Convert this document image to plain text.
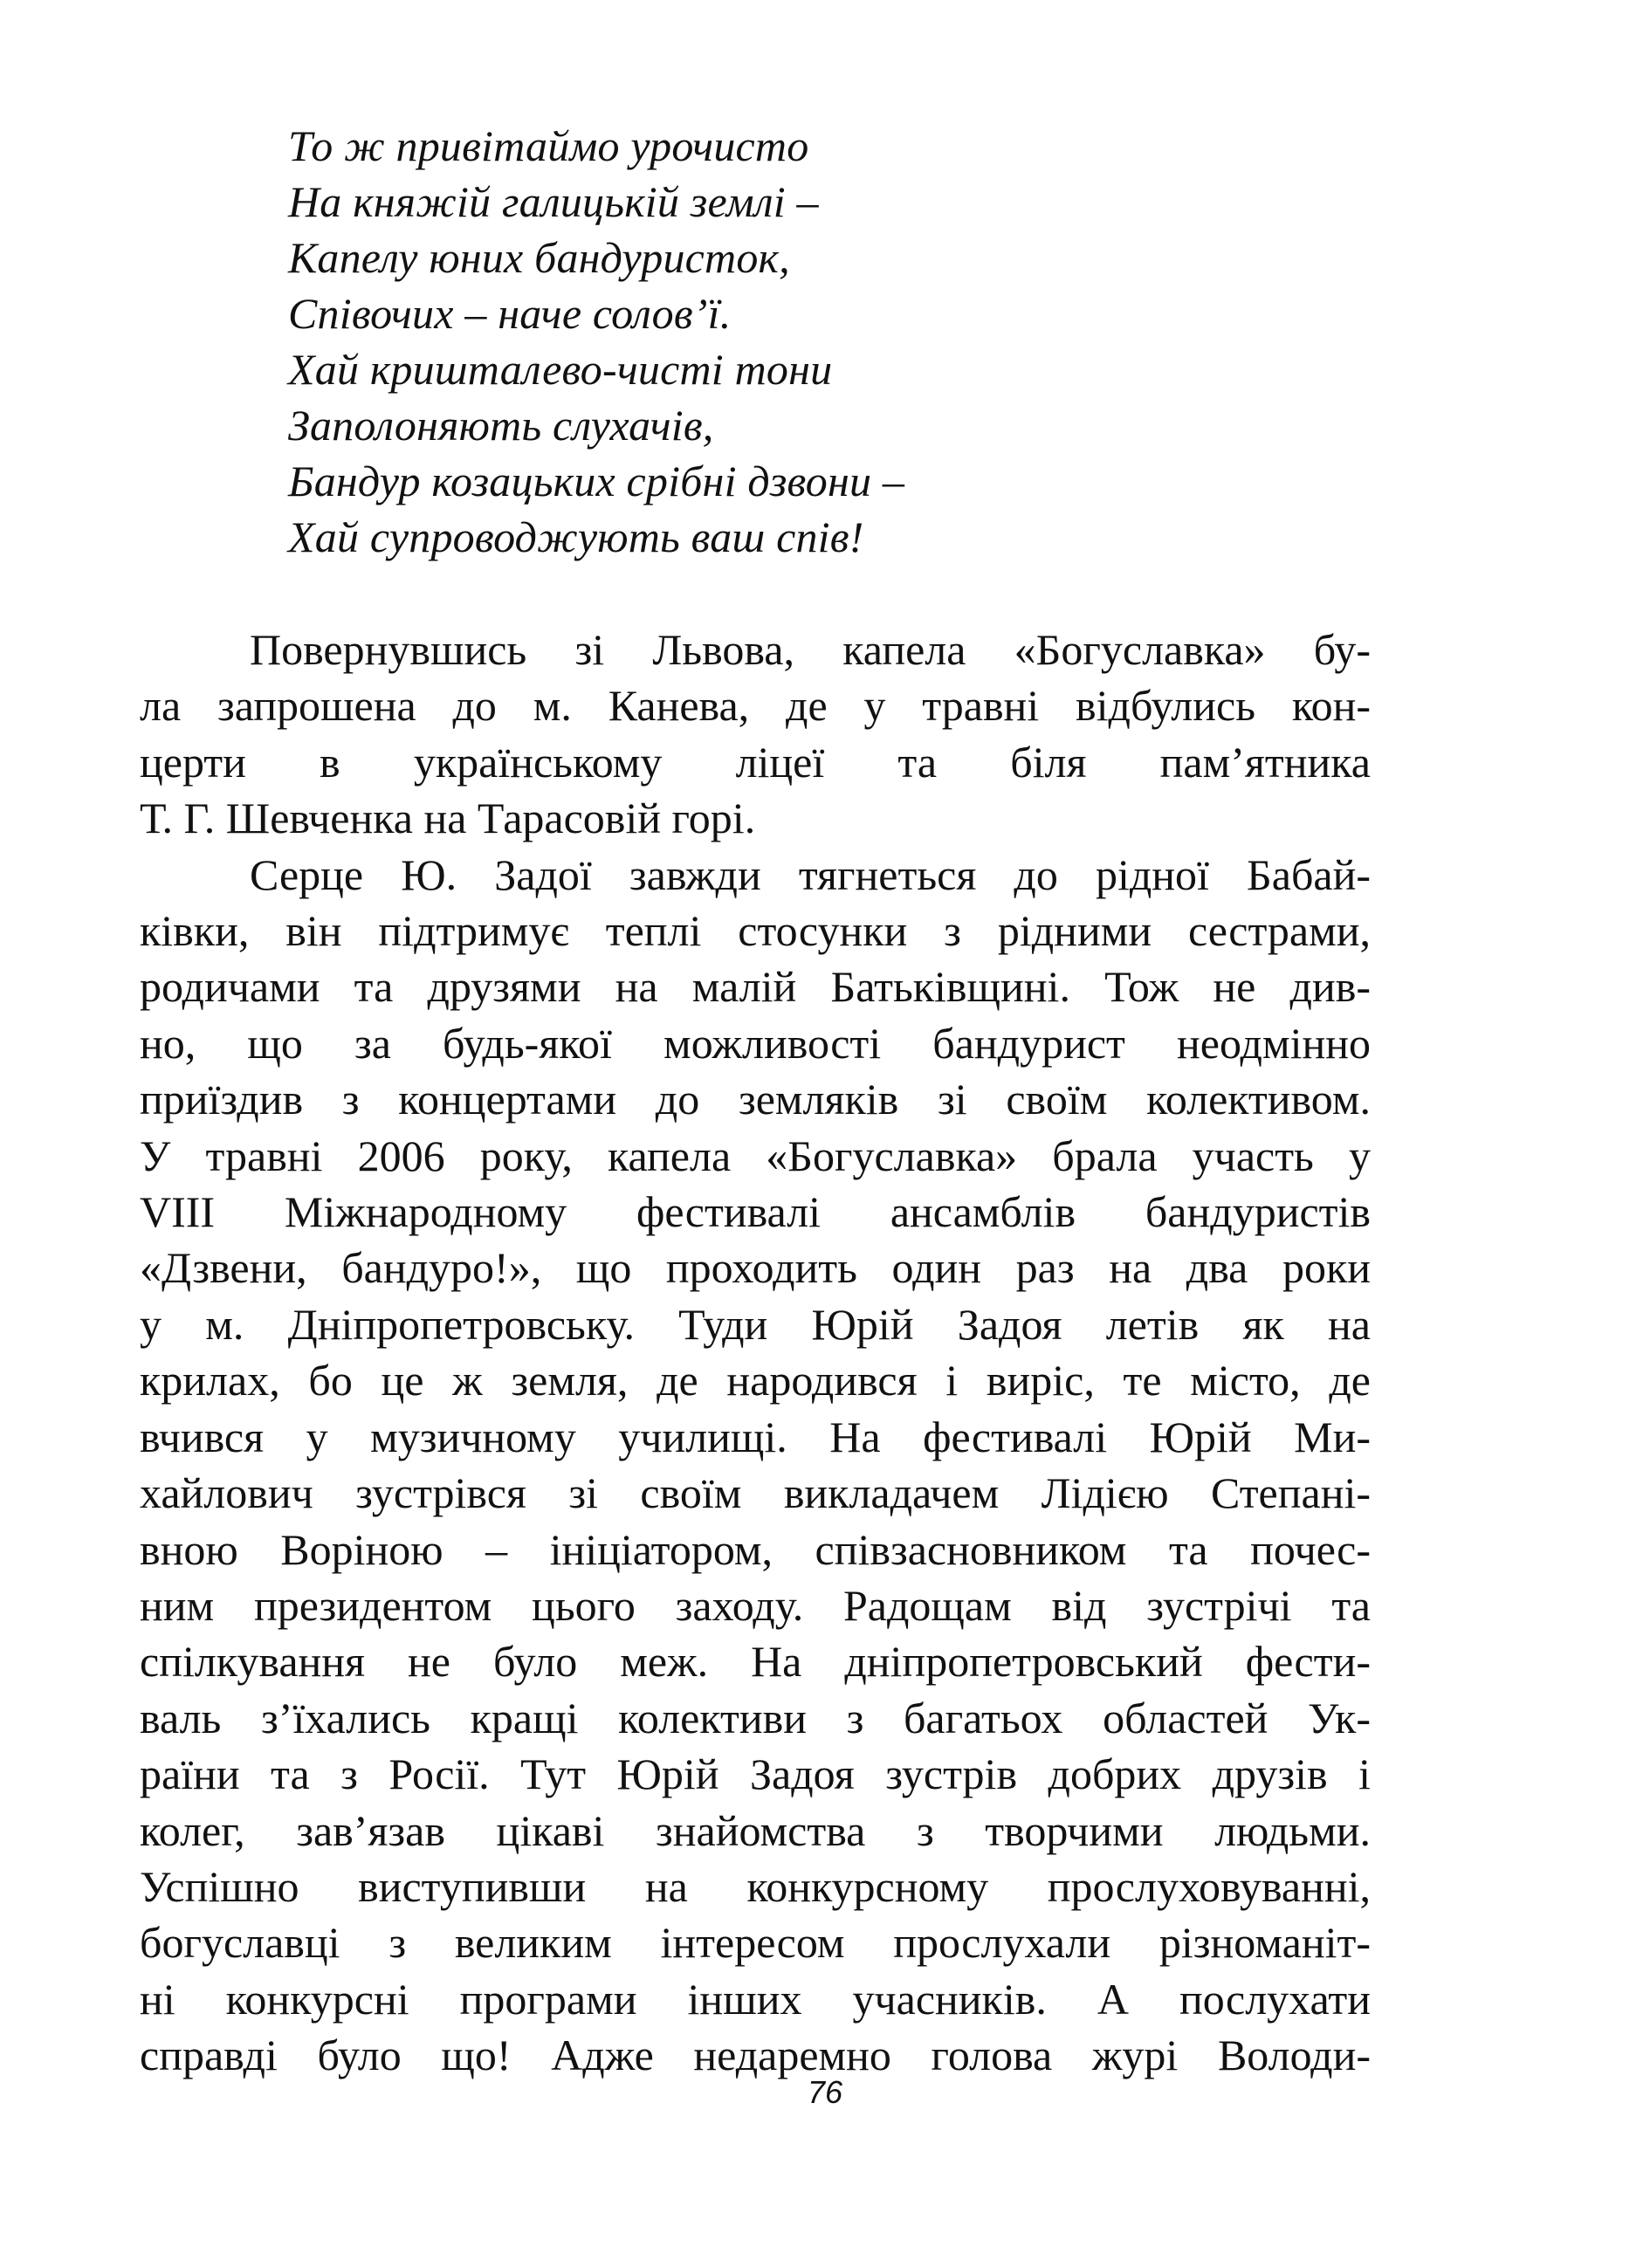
То ж привітаймо урочисто
На княжій галицькій землі –
Капелу юних бандуристок,
Співочих – наче солов’ї.
Хай кришталево-чисті тони
Заполоняють слухачів,
Бандур козацьких срібні дзвони –
Хай супроводжують ваш спів!
Повернувшись зі Львова, капела «Богуславка» бу-
ла запрошена до м. Канева, де у травні відбулись кон-
церти в українському ліцеї та біля пам’ятника
Т. Г. Шевченка на Тарасовій горі.
Серце Ю. Задої завжди тягнеться до рідної Бабай-
ківки, він підтримує теплі стосунки з рідними сестрами,
родичами та друзями на малій Батьківщині. Тож не див-
но, що за будь-якої можливості бандурист неодмінно
приїздив з концертами до земляків зі своїм колективом.
У травні 2006 року, капела «Богуславка» брала участь у
VIII Міжнародному фестивалі ансамблів бандуристів
«Дзвени, бандуро!», що проходить один раз на два роки
у м. Дніпропетровську. Туди Юрій Задоя летів як на
крилах, бо це ж земля, де народився і виріс, те місто, де
вчився у музичному училищі. На фестивалі Юрій Ми-
хайлович зустрівся зі своїм викладачем Лідією Степані-
вною Воріною – ініціатором, співзасновником та почес-
ним президентом цього заходу. Радощам від зустрічі та
спілкування не було меж. На дніпропетровський фести-
валь з’їхались кращі колективи з багатьох областей Ук-
раїни та з Росії. Тут Юрій Задоя зустрів добрих друзів і
колег, зав’язав цікаві знайомства з творчими людьми.
Успішно виступивши на конкурсному прослуховуванні,
богуславці з великим інтересом прослухали різноманіт-
ні конкурсні програми інших учасників. А послухати
справді було що! Адже недаремно голова журі Володи-
76
